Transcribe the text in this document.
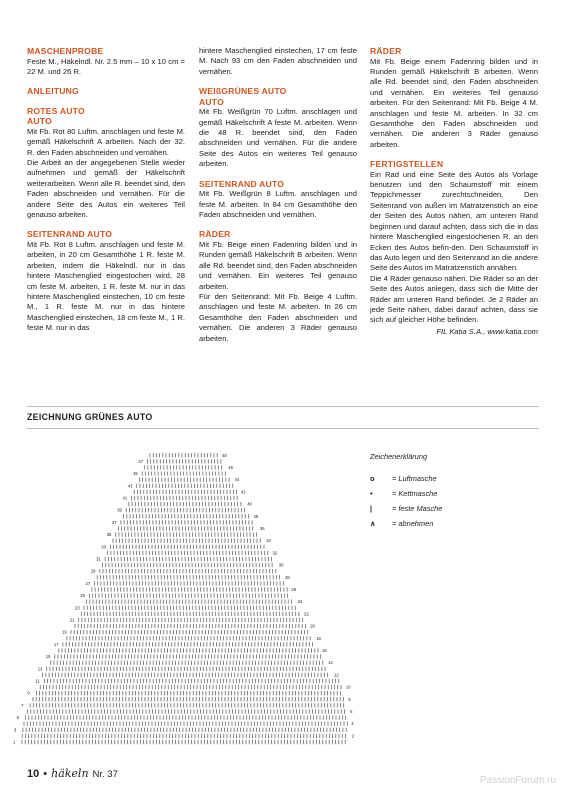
MASCHENPROBE
Feste M., Häkelndl. Nr. 2.5 mm – 10 x 10 cm = 22 M. und 26 R.
ANLEITUNG
ROTES AUTO
AUTO
Mit Fb. Rot 80 Luftm. anschlagen und feste M. gemäß Häkelschrift A arbeiten. Nach der 32. R. den Faden abschneiden und vernähen.
Die Arbeit an der angegebenen Stelle wieder aufnehmen und gemäß der Häkelschrift weiterarbeiten. Wenn alle R. beendet sind, den Faden abschneiden und vernähen. Für die andere Seite des Autos ein weiteres Teil genauso arbeiten.
SEITENRAND AUTO
Mit Fb. Rot 8 Luftm. anschlagen und feste M. arbeiten, in 20 cm Gesamthöhe 1 R. feste M. arbeiten, indem die Häkelndl. nur in das hintere Maschenglied eingestochen wird, 28 cm feste M. arbeiten, 1 R. feste M. nur in das hintere Maschenglied einstechen, 10 cm feste M., 1 R. feste M. nur in das hintere Maschenglied einstechen, 18 cm feste M., 1 R. feste M. nur in das
hintere Maschenglied einstechen, 17 cm feste M. Nach 93 cm den Faden abschneiden und vernähen.
WEIßGRÜNES AUTO
AUTO
Mit Fb. Weißgrün 70 Luftm. anschlagen und gemäß Häkelschrift A feste M. arbeiten. Wenn die 48 R. beendet sind, den Faden abschneiden und vernähen. Für die andere Seite des Autos ein weiteres Teil genauso arbeiten.
SEITENRAND AUTO
Mit Fb. Weißgrün 8 Luftm. anschlagen und feste M. arbeiten. In 84 cm Gesamthöhe den Faden abschneiden und vernähen.
RÄDER
Mit Fb. Beige einen Fadenring bilden und in Runden gemäß Häkelschrift B arbeiten. Wenn alle Rd. beendet sind, den Faden abschneiden und vernähen. Ein weiteres Teil genauso arbeiten.
Für den Seitenrand: Mit Fb. Beige 4 Luftm. anschlagen und feste M. arbeiten. In 26 cm Gesamthöhe den Faden abschneiden und vernähen. Die anderen 3 Räder genauso arbeiten.
RÄDER
Mit Fb. Beige einem Fadenring bilden und in Runden gemäß Häkelschrift B arbeiten. Wenn alle Rd. beendet sind, den Faden abschneiden und vernähen. Ein weiteres Teil genauso arbeiten. Für den Seitenrand: Mit Fb. Beige 4 M. anschlagen und feste M. arbeiten. In 32 cm Gesamthöhe den Faden abschneiden und vernähen. Die anderen 3 Räder genauso arbeiten.
FERTIGSTELLEN
Ein Rad und eine Seite des Autos als Vorlage benutzen und den Schaumstoff mit einem Teppichmesser zurechtschneiden. Den Seitenrand von außen im Matratzenstich an eine der Seiten des Autos nähen, am unteren Rand beginnen und darauf achten, dass sich die in das hintere Maschenglied eingestochenen R. an den Ecken des Autos befin-den. Den Schaumstoff in das Auto legen und den Seitenrand an die andere Seite des Autos im Matratzenstich annähen.
Die 4 Räder genauso nähen. Die Räder so an der Seite des Autos anlegen, dass sich die Mitte der Räder am unteren Rand befindet. Je 2 Räder an jede Seite nähen, dabei darauf achten, dass sie sich auf gleicher Höhe befinden.
FIL Katia S.A., www.katia.com
ZEICHNUNG GRÜNES AUTO
1
2
3
4
5
6
7
8
9
10
11
12
13
14
15
16
17
18
19
20
21
22
23
24
25
26
27
28
29
30
31
32
33
34
35
36
37
38
39
40
41
42
43
44
45
46
47
48	Zeichenerklärung
o	= Luftmasche
•	= Kettmasche
|	= feste Masche
∧	= abnehmen
10 • häkeln Nr. 37
PassionForum.ru
